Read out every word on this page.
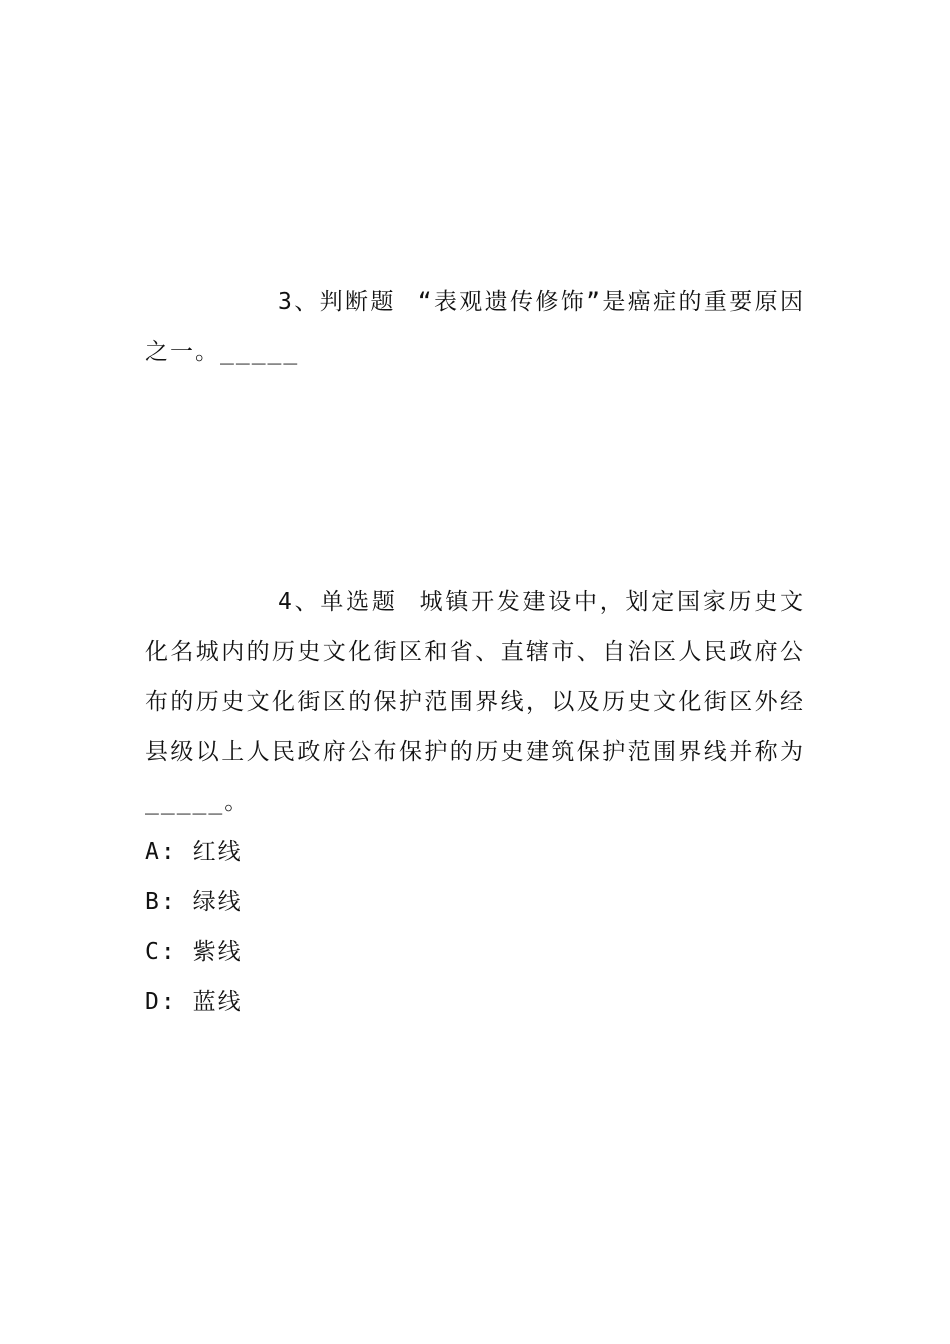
3、判断题 “表观遗传修饰”是癌症的重要原因之一。_____

4、单选题 城镇开发建设中，划定国家历史文化名城内的历史文化街区和省、直辖市、自治区人民政府公布的历史文化街区的保护范围界线，以及历史文化街区外经县级以上人民政府公布保护的历史建筑保护范围界线并称为_____。

A: 红线
B: 绿线
C: 紫线
D: 蓝线
